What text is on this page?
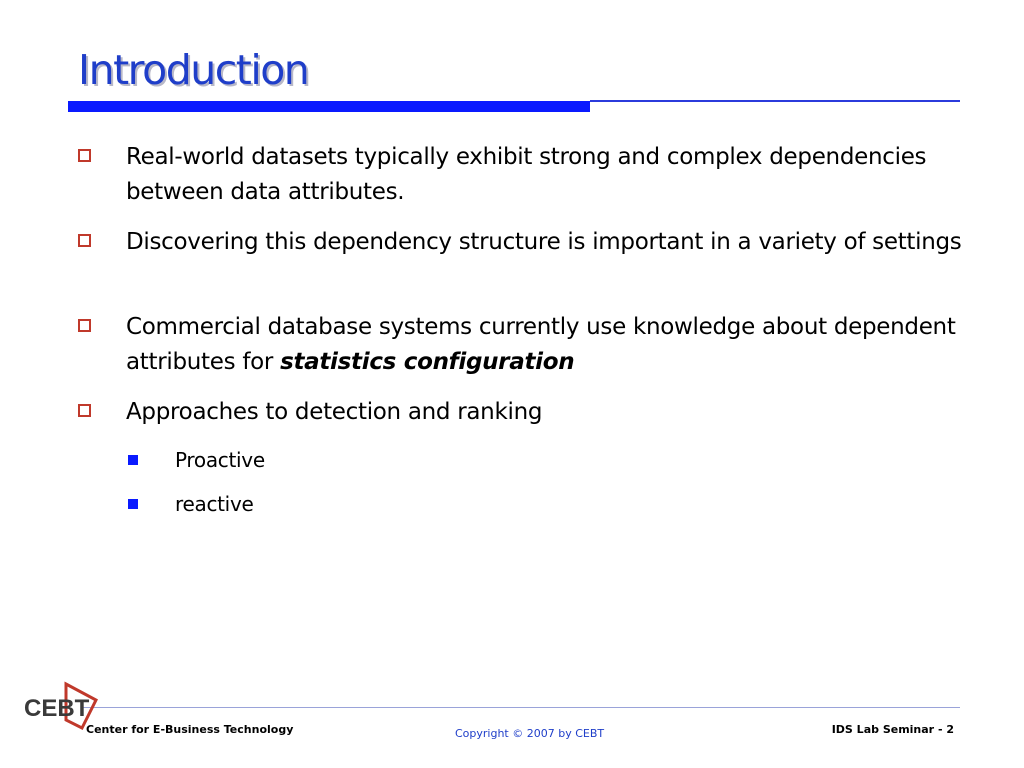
Introduction
Real-world datasets typically exhibit strong and complex dependencies between data attributes.
Discovering this dependency structure is important in a variety of settings
Commercial database systems currently use knowledge about dependent attributes for statistics configuration
Approaches to detection and ranking
Proactive
reactive
CEBT
Center for E-Business Technology	Copyright © 2007 by CEBT	IDS Lab Seminar - 2
